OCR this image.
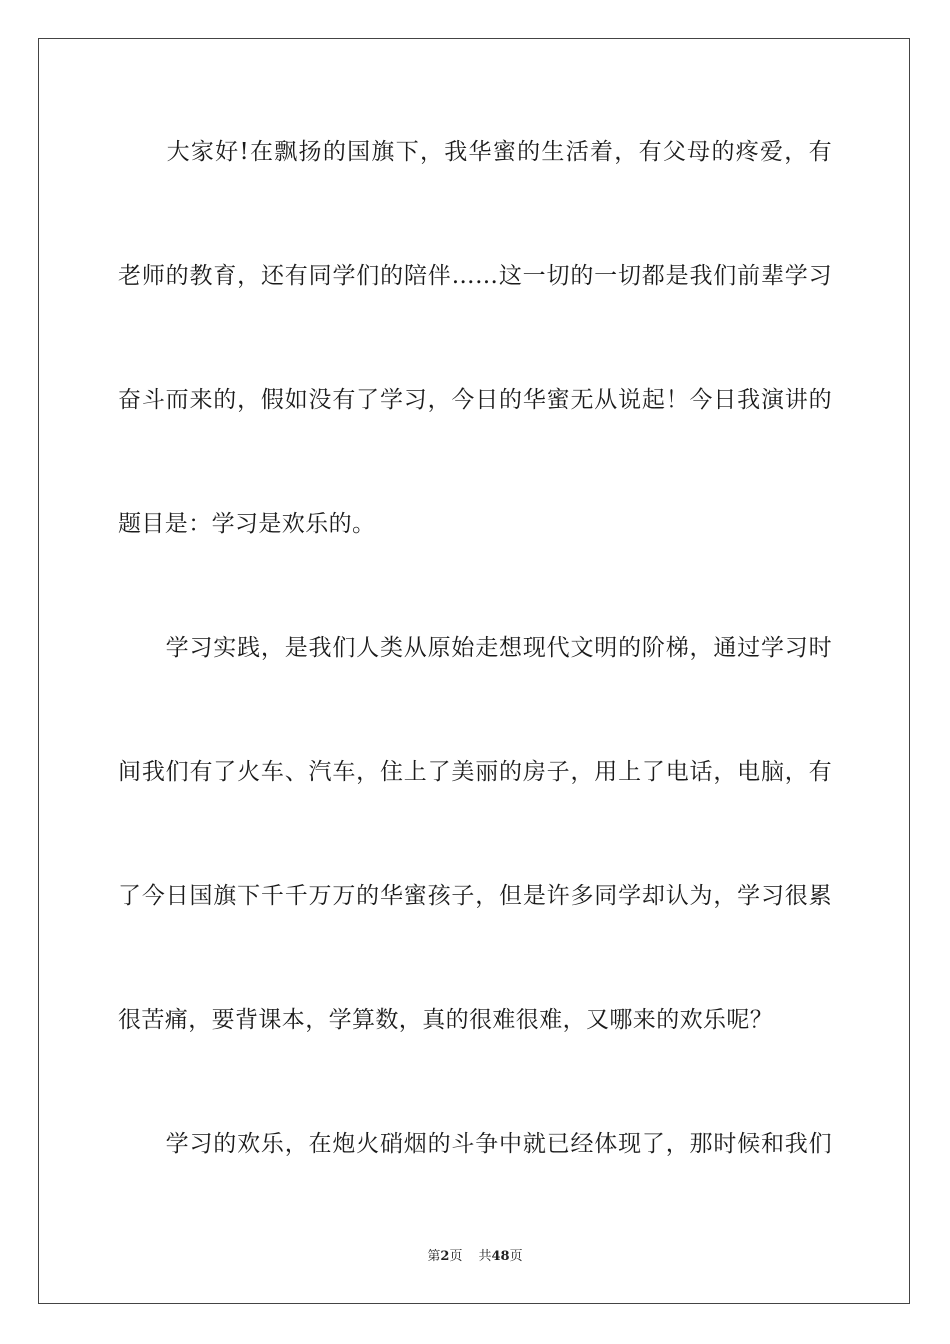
　　大家好!在飘扬的国旗下，我华蜜的生活着，有父母的疼爱，有
老师的教育，还有同学们的陪伴……这一切的一切都是我们前辈学习
奋斗而来的，假如没有了学习，今日的华蜜无从说起！今日我演讲的
题目是：学习是欢乐的。
　　学习实践，是我们人类从原始走想现代文明的阶梯，通过学习时
间我们有了火车、汽车，住上了美丽的房子，用上了电话，电脑，有
了今日国旗下千千万万的华蜜孩子，但是许多同学却认为，学习很累
很苦痛，要背课本，学算数，真的很难很难，又哪来的欢乐呢？
　　学习的欢乐，在炮火硝烟的斗争中就已经体现了，那时候和我们
第2页 共48页
